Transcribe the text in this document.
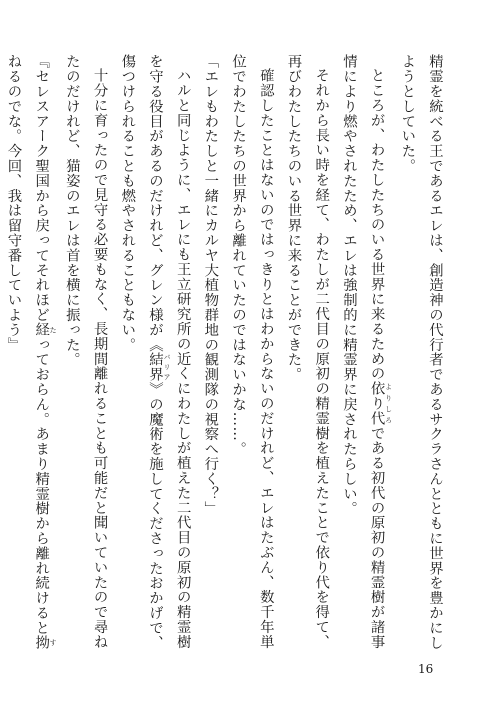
精霊を統べる王であるエレは、創造神の代行者であるサクラさんとともに世界を豊かにしようとしていた。

ところが、わたしたちのいる世界に来るための依り代 よりしろである初代の原初の精霊樹が諸事情により燃やされたため、エレは強制的に精霊界に戻されたらしい。

それから長い時を経て、わたしが二代目の原初の精霊樹を植えたことで依り代を得て、再びわたしたちのいる世界に来ることができた。

確認したことはないのではっきりとはわからないのだけれど、エレはたぶん、数千年単位でわたしたちの世界から離れていたのではないかな……。

「エレもわたしと一緒にカルヤ大植物群地の観測隊の視察へ行く？」

ハルと同じように、エレにも王立研究所の近くにわたしが植えた二代目の原初の精霊樹を守る役目があるのだけれど、グレン様が《結界 バリア》の魔術を施してくださったおかげで、傷つけられることも燃やされることもない。

十分に育ったので見守る必要もなく、長期間離れることも可能だと聞いていたので尋ねたのだけれど、猫姿のエレは首を横に振った。

『セレスアーク聖国から戻ってそれほど経 たっておらん。あまり精霊樹から離れ続けると拗 すねるのでな。今回、我は留守番していよう』

16
